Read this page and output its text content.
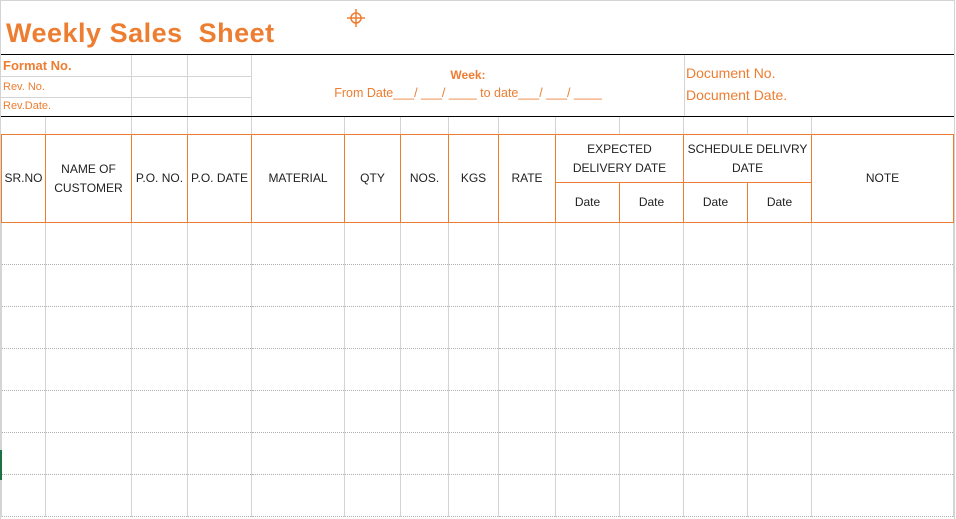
Weekly Sales  Sheet
Format No.
Rev. No.
Rev.Date.
Week:
From Date___/ ___/ ____ to date___/ ___/ ____
Document No.
Document Date.
SR.NO	NAME OF CUSTOMER	P.O. NO.	P.O. DATE	MATERIAL	QTY	NOS.	KGS	RATE	EXPECTED DELIVERY DATE		SCHEDULE DELIVRY DATE		NOTE
									Date	Date	Date	Date	
